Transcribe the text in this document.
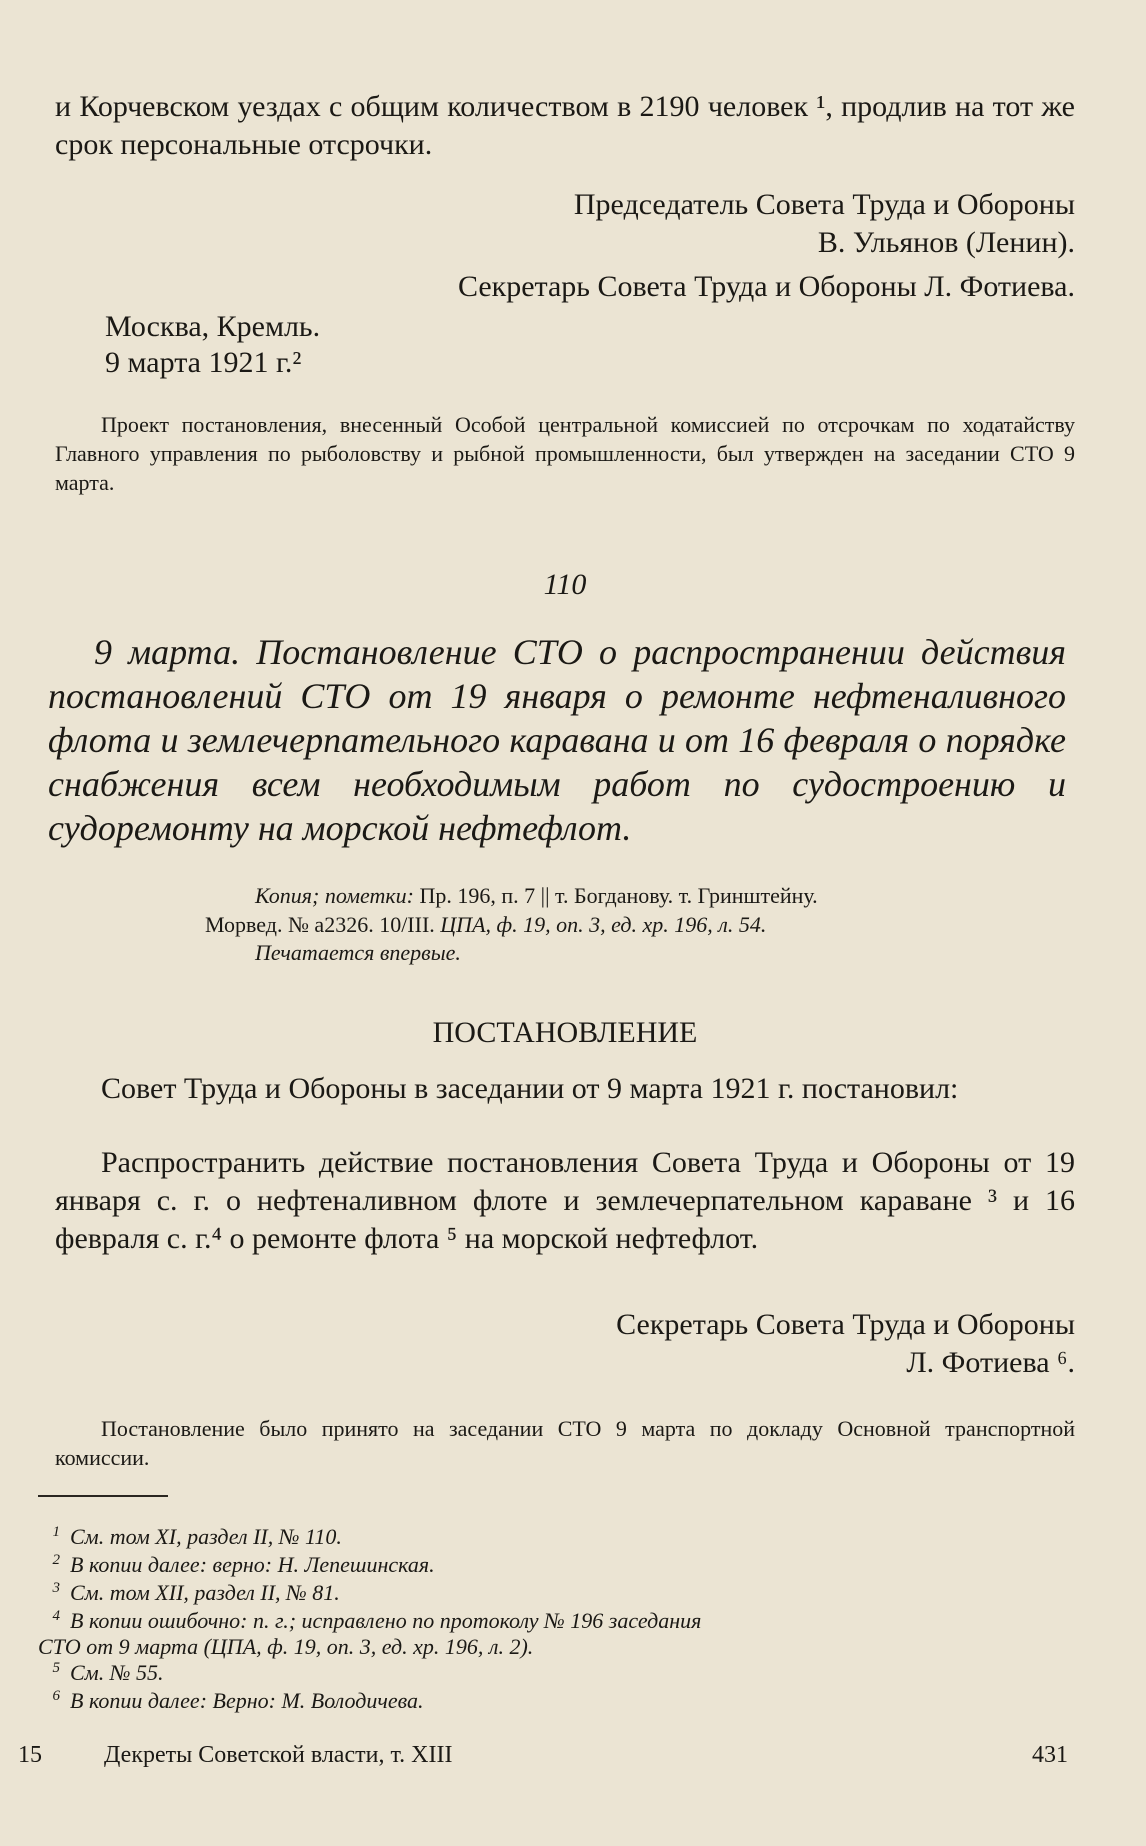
и Корчевском уездах с общим количеством в 2190 человек ¹, продлив на тот же срок персональные отсрочки.
Председатель Совета Труда и Обороны
В. Ульянов (Ленин).
Секретарь Совета Труда и Обороны Л. Фотиева.
Москва, Кремль.
9 марта 1921 г.²
Проект постановления, внесенный Особой центральной комиссией по отсрочкам по ходатайству Главного управления по рыболовству и рыбной промышленности, был утвержден на заседании СТО 9 марта.
110
9 марта. Постановление СТО о распространении действия постановлений СТО от 19 января о ремонте нефтеналивного флота и землечерпательного каравана и от 16 февраля о порядке снабжения всем необходимым работ по судостроению и судоремонту на морской нефтефлот.
Копия; пометки: Пр. 196, п. 7 || т. Богданову. т. Гринштейну.
Морвед. № а2326. 10/III. ЦПА, ф. 19, оп. 3, ед. хр. 196, л. 54.
Печатается впервые.
ПОСТАНОВЛЕНИЕ
Совет Труда и Обороны в заседании от 9 марта 1921 г. постановил:
Распространить действие постановления Совета Труда и Обороны от 19 января с. г. о нефтеналивном флоте и землечерпательном караване ³ и 16 февраля с. г.⁴ о ремонте флота ⁵ на морской нефтефлот.
Секретарь Совета Труда и Обороны
Л. Фотиева ⁶.
Постановление было принято на заседании СТО 9 марта по докладу Основной транспортной комиссии.
1 См. том XI, раздел II, № 110.
2 В копии далее: верно: Н. Лепешинская.
3 См. том XII, раздел II, № 81.
4 В копии ошибочно: п. г.; исправлено по протоколу № 196 заседания
СТО от 9 марта (ЦПА, ф. 19, оп. 3, ед. хр. 196, л. 2).
5 См. № 55.
6 В копии далее: Верно: М. Володичева.
15	Декреты Советской власти, т. XIII	431
